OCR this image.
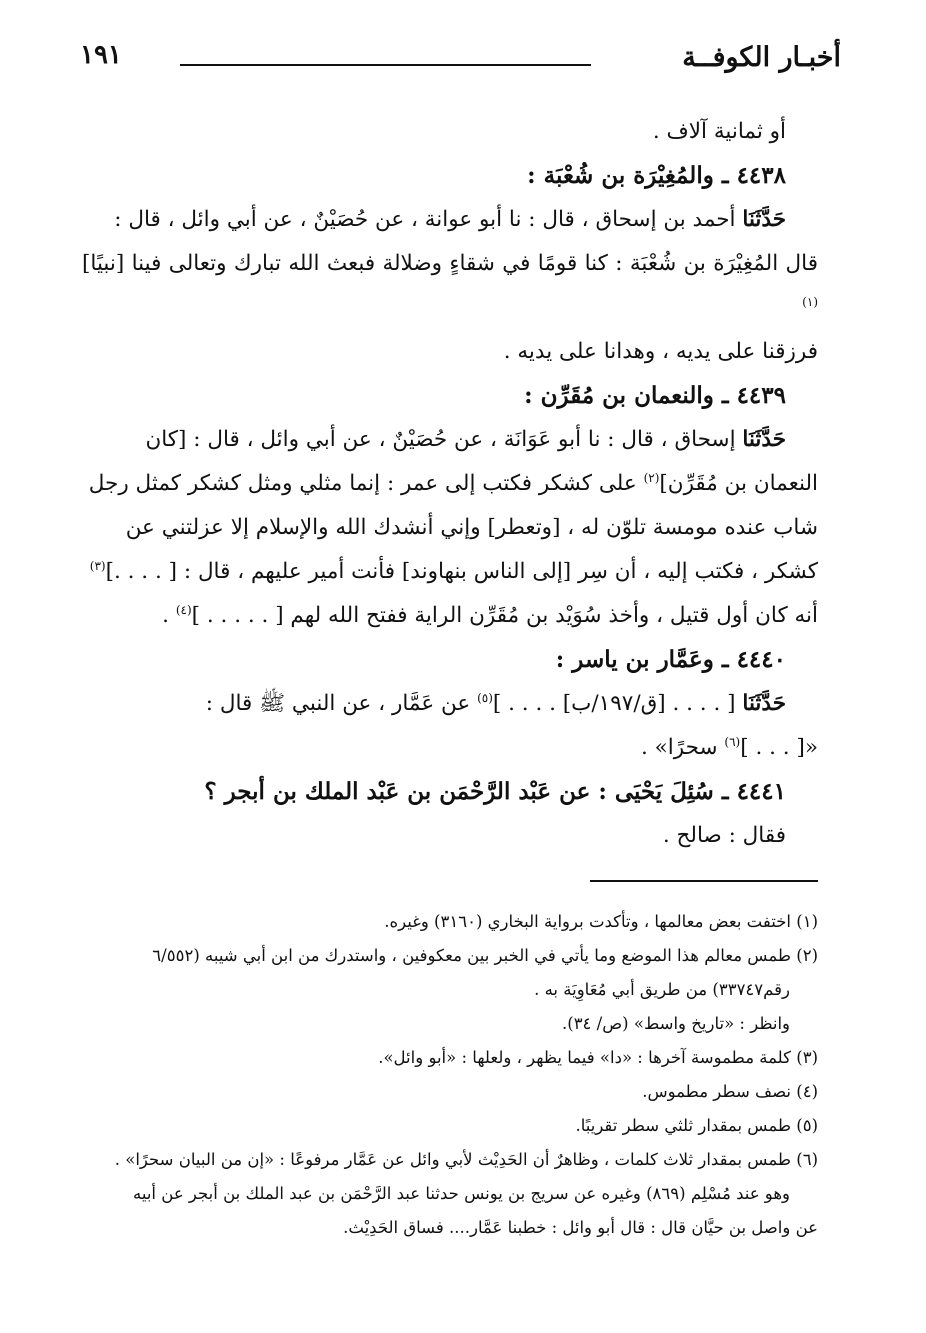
أخبـار الكوفــة
١٩١

أو ثمانية آلاف .

٤٤٣٨ ـ والمُغِيْرَة بن شُعْبَة :

حَدَّثَنَا أحمد بن إسحاق ، قال : نا أبو عوانة ، عن حُصَيْنٌ ، عن أبي وائل ، قال :

قال المُغِيْرَة بن شُعْبَة : كنا قومًا في شقاءٍ وضلالة فبعث الله تبارك وتعالى فينا [نبيًا]$^{(١)}$

فرزقنا على يديه ، وهدانا على يديه .

٤٤٣٩ ـ والنعمان بن مُقَرِّن :

حَدَّثَنَا إسحاق ، قال : نا أبو عَوَانَة ، عن حُصَيْنٌ ، عن أبي وائل ، قال : [كان

النعمان بن مُقَرِّن]$^{(٢)}$ على كشكر فكتب إلى عمر : إنما مثلي ومثل كشكر كمثل رجل

شاب عنده مومسة تلوّن له ، [وتعطر] وإني أنشدك الله والإسلام إلا عزلتني عن

كشكر ، فكتب إليه ، أن سِر [إلى الناس بنهاوند] فأنت أمير عليهم ، قال : [ . . . .]$^{(٣)}$

أنه كان أول قتيل ، وأخذ سُوَيْد بن مُقَرِّن الراية ففتح الله لهم [ . . . . . ]$^{(٤)}$ .

٤٤٤٠ ـ وعَمَّار بن ياسر :

حَدَّثَنَا [ . . . . [ق/١٩٧/ب] . . . . ]$^{(٥)}$ عن عَمَّار ، عن النبي ﷺ قال :

«[ . . . ]$^{(٦)}$ سحرًا» .

٤٤٤١ ـ سُئِلَ يَحْيَى : عن عَبْد الرَّحْمَن بن عَبْد الملك بن أبجر ؟

فقال : صالح .

(١) اختفت بعض معالمها ، وتأكدت برواية البخاري (٣١٦٠) وغيره.

(٢) طمس معالم هذا الموضع وما يأتي في الخبر بين معكوفين ، واستدرك من ابن أبي شيبه (٦/٥٥٢

رقم٣٣٧٤٧) من طريق أبي مُعَاوِيَة به .

وانظر : «تاريخ واسط» (ص/ ٣٤).

(٣) كلمة مطموسة آخرها : «دا» فيما يظهر ، ولعلها : «أبو وائل».

(٤) نصف سطر مطموس.

(٥) طمس بمقدار ثلثي سطر تقريبًا.

(٦) طمس بمقدار ثلاث كلمات ، وظاهرٌ أن الحَدِيْث لأبي وائل عن عَمَّار مرفوعًا : «إن من البيان سحرًا» .

وهو عند مُسْلِم (٨٦٩) وغيره عن سريج بن يونس حدثنا عبد الرَّحْمَن بن عبد الملك بن أبجر عن أبيه

عن واصل بن حيَّان قال : قال أبو وائل : خطبنا عَمَّار.... فساق الحَدِيْث.
